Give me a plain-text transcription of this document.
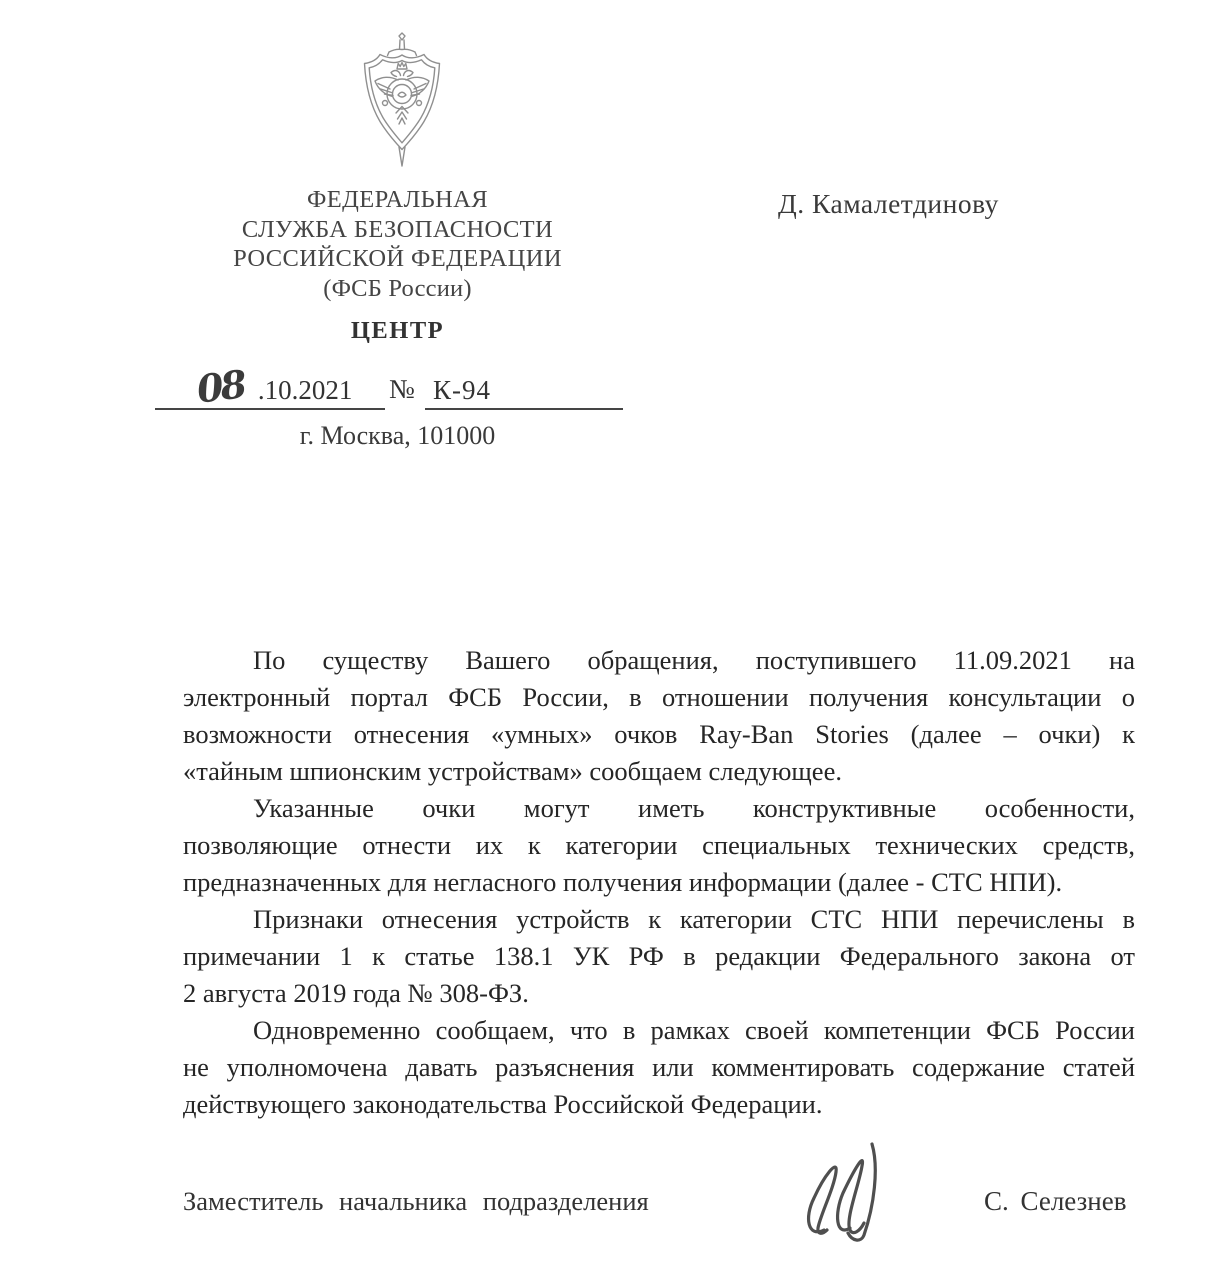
ФЕДЕРАЛЬНАЯ
СЛУЖБА БЕЗОПАСНОСТИ
РОССИЙСКОЙ ФЕДЕРАЦИИ
(ФСБ России)
ЦЕНТР
08 .10.2021 № К-94
г. Москва, 101000
Д. Камалетдинову
По существу Вашего обращения, поступившего 11.09.2021 на
электронный портал ФСБ России, в отношении получения консультации о
возможности отнесения «умных» очков Ray-Ban Stories (далее – очки) к
«тайным шпионским устройствам» сообщаем следующее.
Указанные очки могут иметь конструктивные особенности,
позволяющие отнести их к категории специальных технических средств,
предназначенных для негласного получения информации (далее - СТС НПИ).
Признаки отнесения устройств к категории СТС НПИ перечислены в
примечании 1 к статье 138.1 УК РФ в редакции Федерального закона от
2 августа 2019 года № 308-ФЗ.
Одновременно сообщаем, что в рамках своей компетенции ФСБ России
не уполномочена давать разъяснения или комментировать содержание статей
действующего законодательства Российской Федерации.
Заместитель начальника подразделения	С. Селезнев
